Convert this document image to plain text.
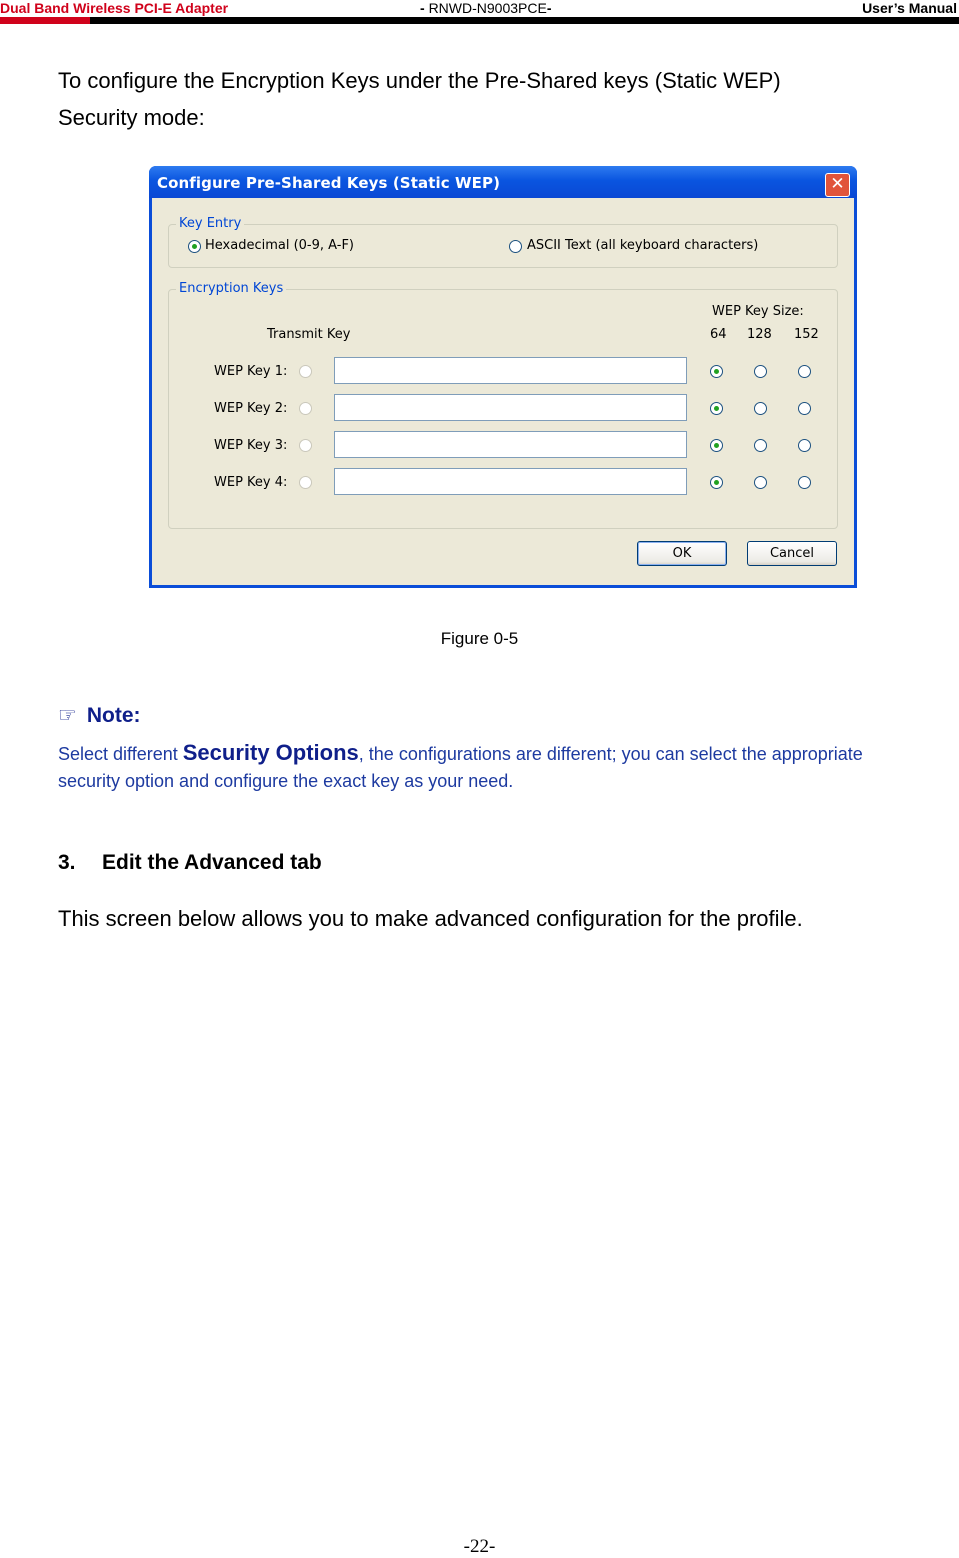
Dual Band Wireless PCI-E Adapter	- RNWD-N9003PCE-	User’s Manual
To configure the Encryption Keys under the Pre-Shared keys (Static WEP)
Security mode:
Configure Pre-Shared Keys (Static WEP)	✕
Key Entry
Hexadecimal (0-9, A-F)	ASCII Text (all keyboard characters)
Encryption Keys
Transmit Key
WEP Key Size:
64 128 152
WEP Key 1:
WEP Key 2:
WEP Key 3:
WEP Key 4:
OK	Cancel
Figure 0-5
☞ Note:
Select different Security Options, the configurations are different; you can select the appropriate security option and configure the exact key as your need.
3. Edit the Advanced tab
This screen below allows you to make advanced configuration for the profile.
-22-
